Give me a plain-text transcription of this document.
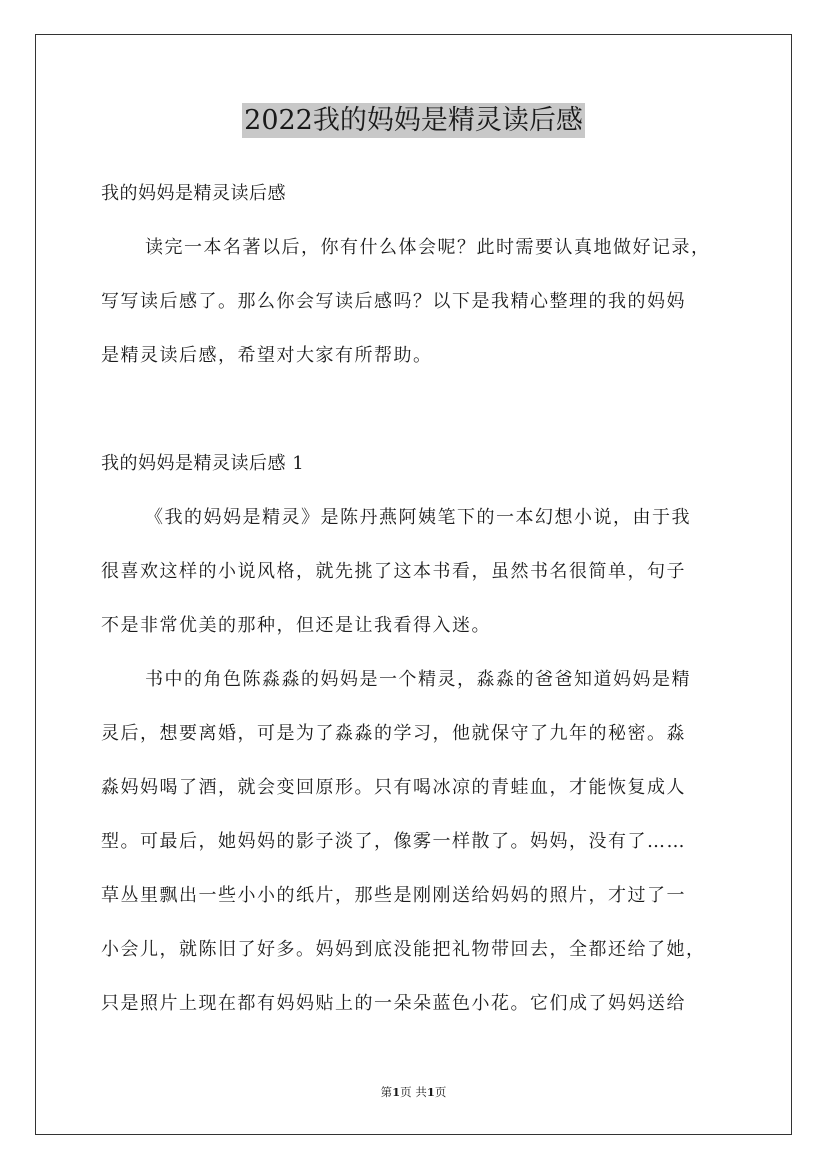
2022我的妈妈是精灵读后感
我的妈妈是精灵读后感
读完一本名著以后，你有什么体会呢？此时需要认真地做好记录，
写写读后感了。那么你会写读后感吗？以下是我精心整理的我的妈妈
是精灵读后感，希望对大家有所帮助。
我的妈妈是精灵读后感 1
《我的妈妈是精灵》是陈丹燕阿姨笔下的一本幻想小说，由于我
很喜欢这样的小说风格，就先挑了这本书看，虽然书名很简单，句子
不是非常优美的那种，但还是让我看得入迷。
书中的角色陈淼淼的妈妈是一个精灵，淼淼的爸爸知道妈妈是精
灵后，想要离婚，可是为了淼淼的学习，他就保守了九年的秘密。淼
淼妈妈喝了酒，就会变回原形。只有喝冰凉的青蛙血，才能恢复成人
型。可最后，她妈妈的影子淡了，像雾一样散了。妈妈，没有了……
草丛里飘出一些小小的纸片，那些是刚刚送给妈妈的照片，才过了一
小会儿，就陈旧了好多。妈妈到底没能把礼物带回去，全都还给了她，
只是照片上现在都有妈妈贴上的一朵朵蓝色小花。它们成了妈妈送给
第1页 共1页
